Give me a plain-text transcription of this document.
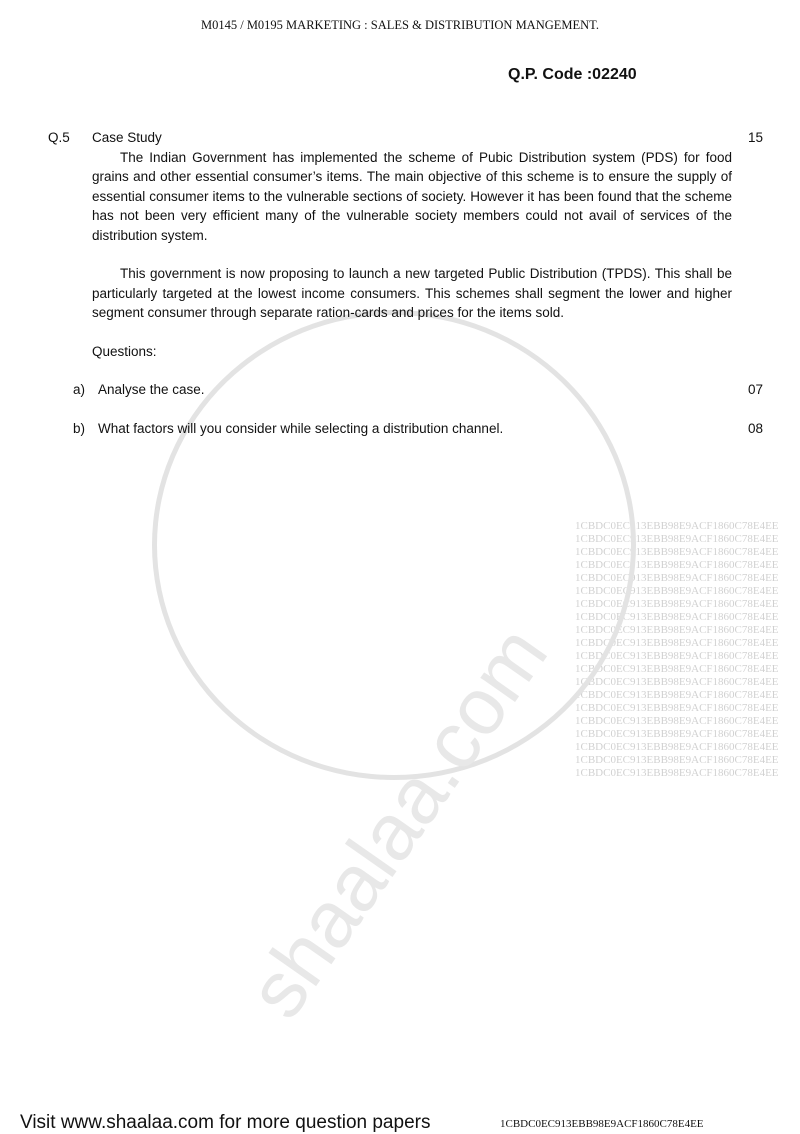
1CBDC0EC913EBB98E9ACF1860C78E4EE
1CBDC0EC913EBB98E9ACF1860C78E4EE
1CBDC0EC913EBB98E9ACF1860C78E4EE
1CBDC0EC913EBB98E9ACF1860C78E4EE
1CBDC0EC913EBB98E9ACF1860C78E4EE
1CBDC0EC913EBB98E9ACF1860C78E4EE
1CBDC0EC913EBB98E9ACF1860C78E4EE
1CBDC0EC913EBB98E9ACF1860C78E4EE
1CBDC0EC913EBB98E9ACF1860C78E4EE
1CBDC0EC913EBB98E9ACF1860C78E4EE
1CBDC0EC913EBB98E9ACF1860C78E4EE
1CBDC0EC913EBB98E9ACF1860C78E4EE
1CBDC0EC913EBB98E9ACF1860C78E4EE
1CBDC0EC913EBB98E9ACF1860C78E4EE
1CBDC0EC913EBB98E9ACF1860C78E4EE
1CBDC0EC913EBB98E9ACF1860C78E4EE
1CBDC0EC913EBB98E9ACF1860C78E4EE
1CBDC0EC913EBB98E9ACF1860C78E4EE
1CBDC0EC913EBB98E9ACF1860C78E4EE
1CBDC0EC913EBB98E9ACF1860C78E4EE
shaalaa.com
M0145 / M0195 MARKETING : SALES & DISTRIBUTION MANGEMENT.
Q.P. Code :02240
Q.5	Case Study	15
The Indian Government has implemented the scheme of Pubic Distribution system (PDS) for food grains and other essential consumer’s items. The main objective of this scheme is to ensure the supply of essential consumer items to the vulnerable sections of society. However it has been found that the scheme has not been very efficient many of the vulnerable society members could not avail of services of the distribution system.
This government is now proposing to launch a new targeted Public Distribution (TPDS). This shall be particularly targeted at the lowest income consumers. This schemes shall segment the lower and higher segment consumer through separate ration-cards and prices for the items sold.
Questions:
a) Analyse the case.	07
b) What factors will you consider while selecting a distribution channel.	08
Visit www.shaalaa.com for more question papers	1CBDC0EC913EBB98E9ACF1860C78E4EE
